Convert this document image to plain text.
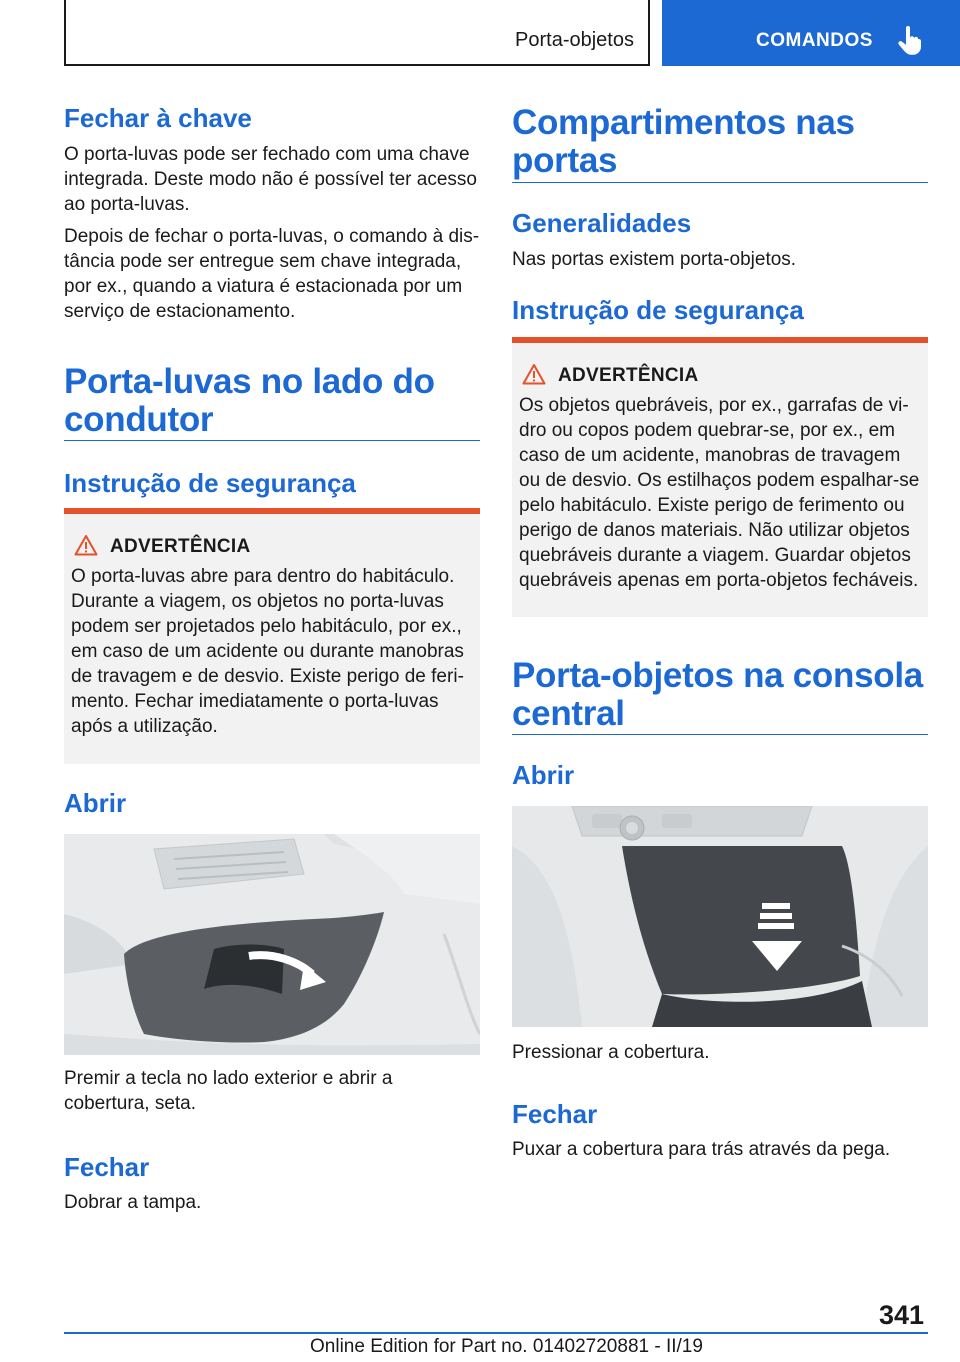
Porta-objetos	COMANDOS
Fechar à chave
O porta-luvas pode ser fechado com uma chave integrada. Deste modo não é possível ter acesso ao porta-luvas.
Depois de fechar o porta-luvas, o comando à distância pode ser entregue sem chave integrada, por ex., quando a viatura é estacionada por um serviço de estacionamento.
Porta-luvas no lado do
condutor
Instrução de segurança
ADVERTÊNCIA
O porta-luvas abre para dentro do habitáculo. Durante a viagem, os objetos no porta-luvas podem ser projetados pelo habitáculo, por ex., em caso de um acidente ou durante manobras de travagem e de desvio. Existe perigo de ferimento. Fechar imediatamente o porta-luvas após a utilização.
Abrir
Premir a tecla no lado exterior e abrir a cobertura, seta.
Fechar
Dobrar a tampa.
Compartimentos nas
portas
Generalidades
Nas portas existem porta-objetos.
Instrução de segurança
ADVERTÊNCIA
Os objetos quebráveis, por ex., garrafas de vidro ou copos podem quebrar-se, por ex., em caso de um acidente, manobras de travagem ou de desvio. Os estilhaços podem espalhar-se pelo habitáculo. Existe perigo de ferimento ou perigo de danos materiais. Não utilizar objetos quebráveis durante a viagem. Guardar objetos quebráveis apenas em porta-objetos fecháveis.
Porta-objetos na consola
central
Abrir
Pressionar a cobertura.
Fechar
Puxar a cobertura para trás através da pega.
341
Online Edition for Part no. 01402720881 - II/19
